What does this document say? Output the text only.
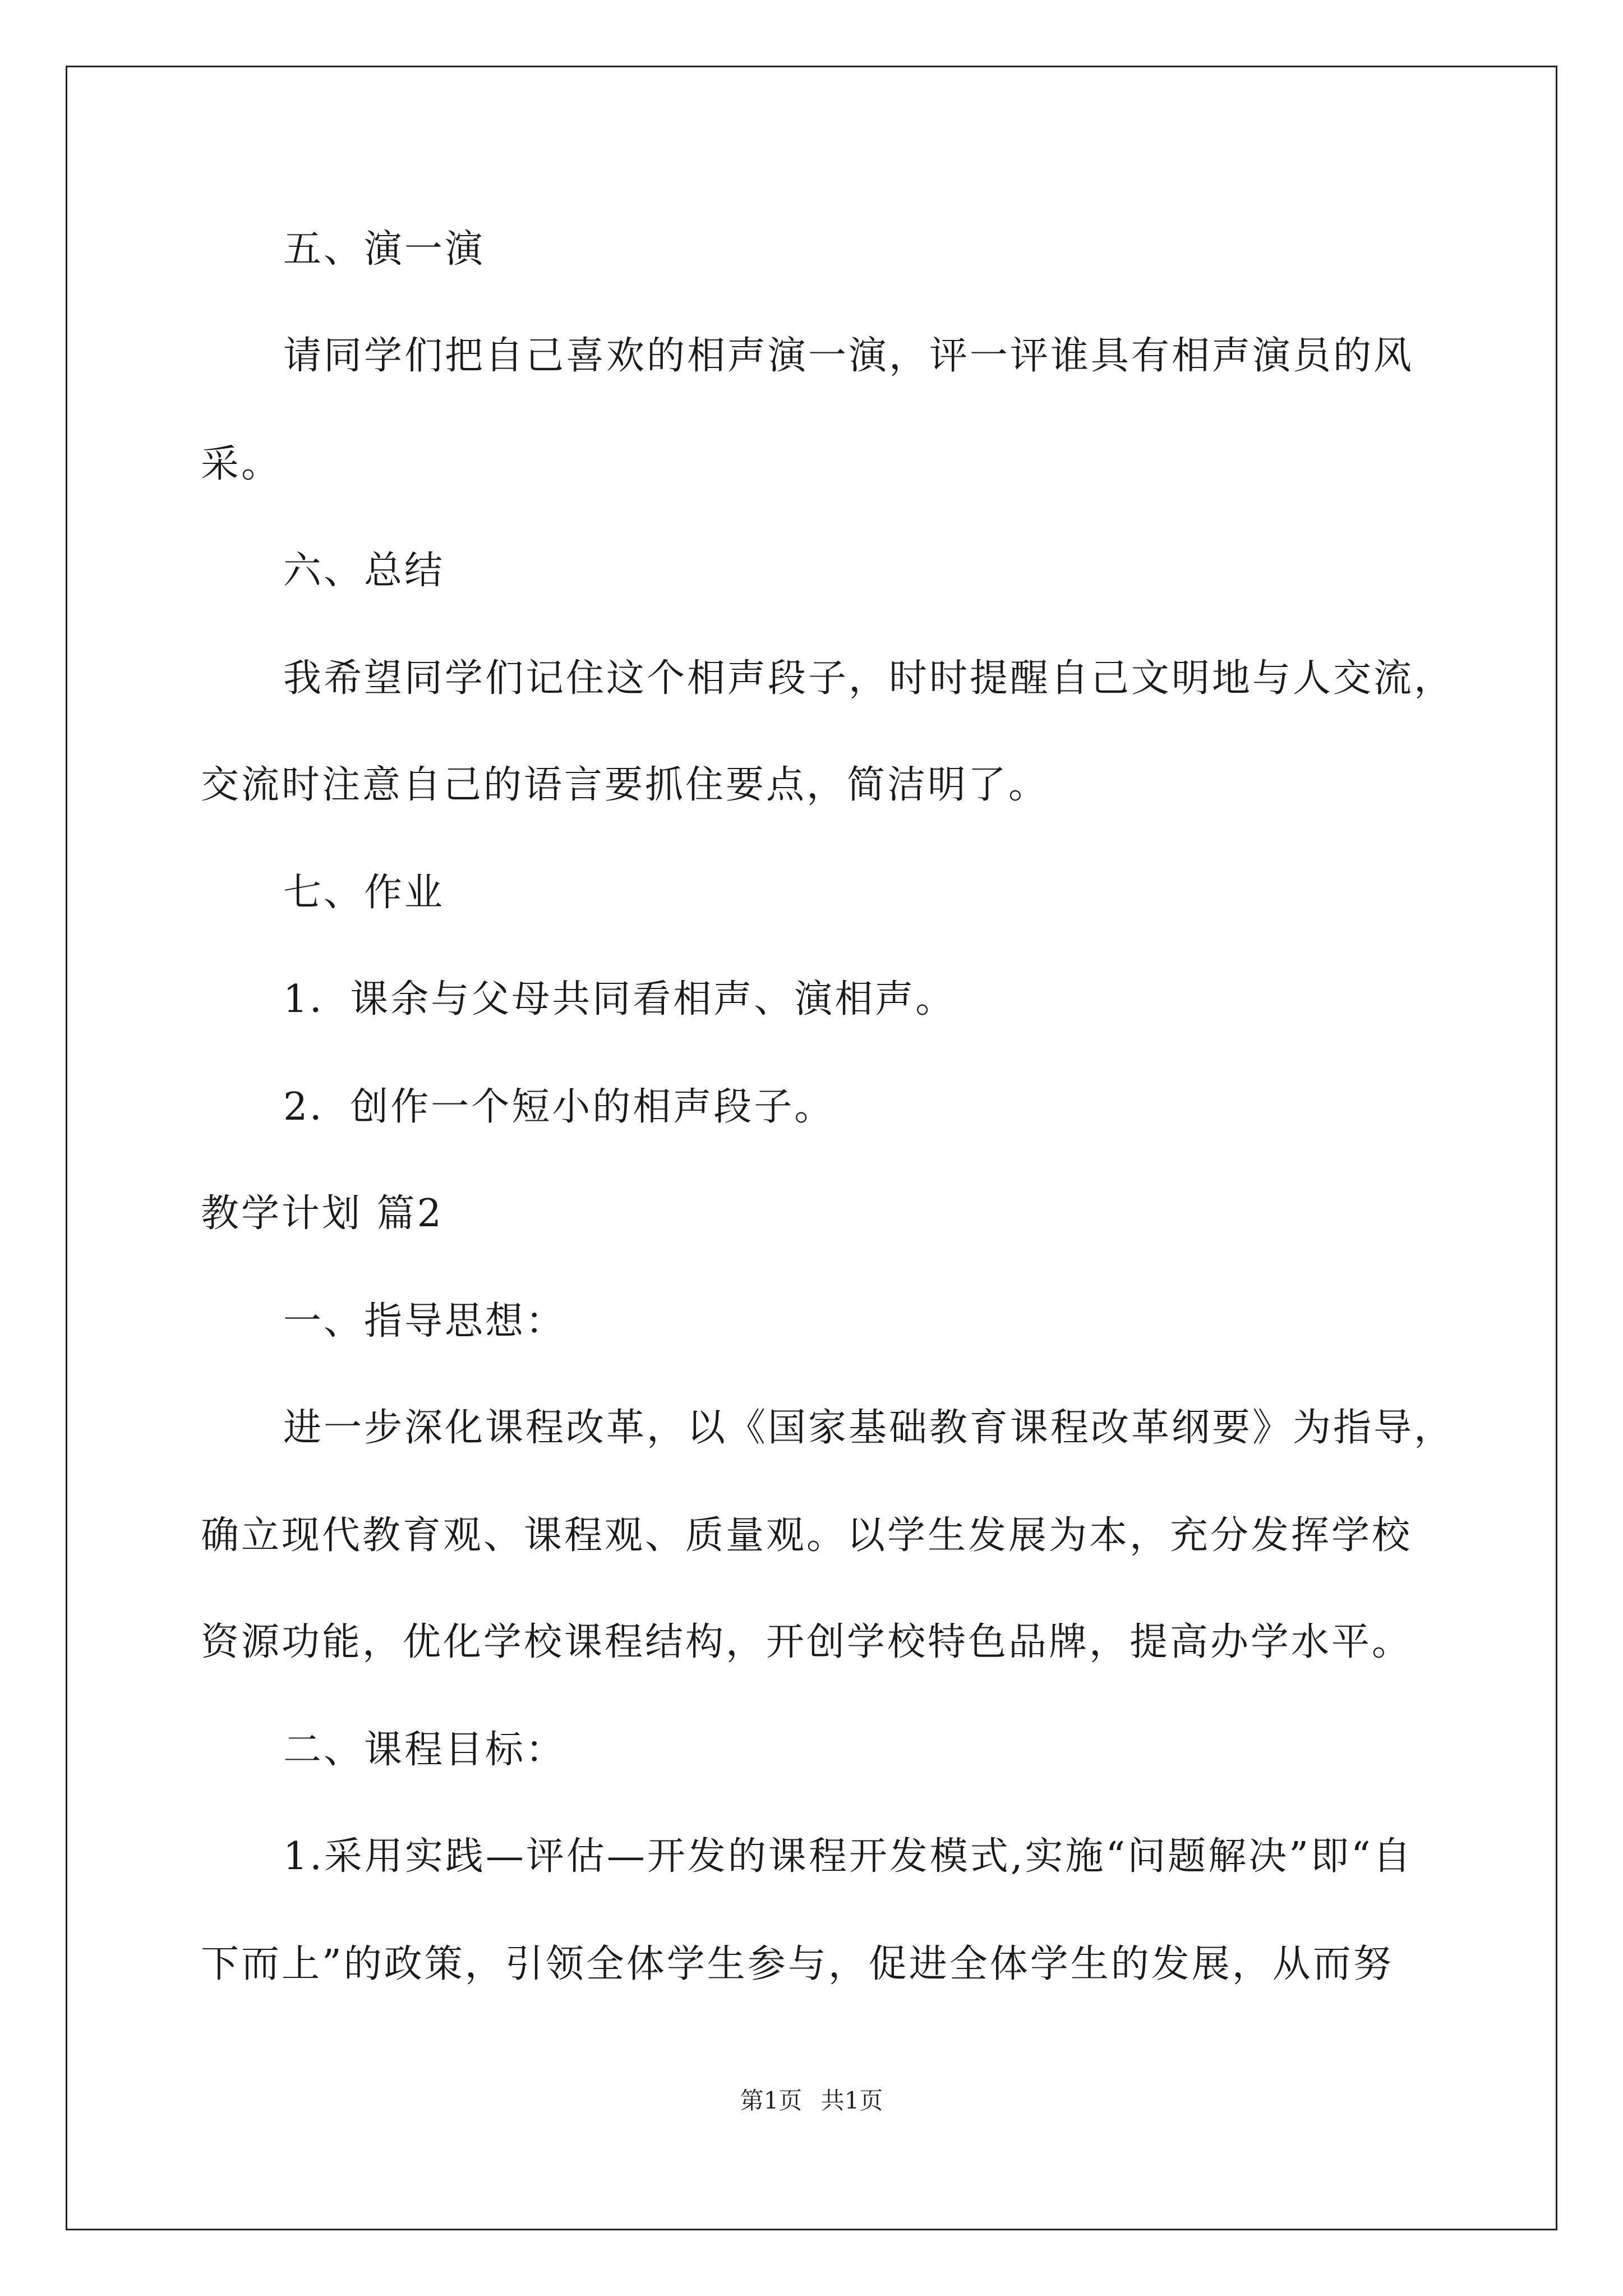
五、演一演
请同学们把自己喜欢的相声演一演，评一评谁具有相声演员的风
采。
六、总结
我希望同学们记住这个相声段子，时时提醒自己文明地与人交流，
交流时注意自己的语言要抓住要点，简洁明了。
七、作业
1．课余与父母共同看相声、演相声。
2．创作一个短小的相声段子。
教学计划 篇2
一、指导思想：
进一步深化课程改革，以《国家基础教育课程改革纲要》为指导，
确立现代教育观、课程观、质量观。以学生发展为本，充分发挥学校
资源功能，优化学校课程结构，开创学校特色品牌，提高办学水平。
二、课程目标：
1.采用实践—评估—开发的课程开发模式,实施“问题解决”即“自
下而上”的政策，引领全体学生参与，促进全体学生的发展，从而努
第1页 共1页
